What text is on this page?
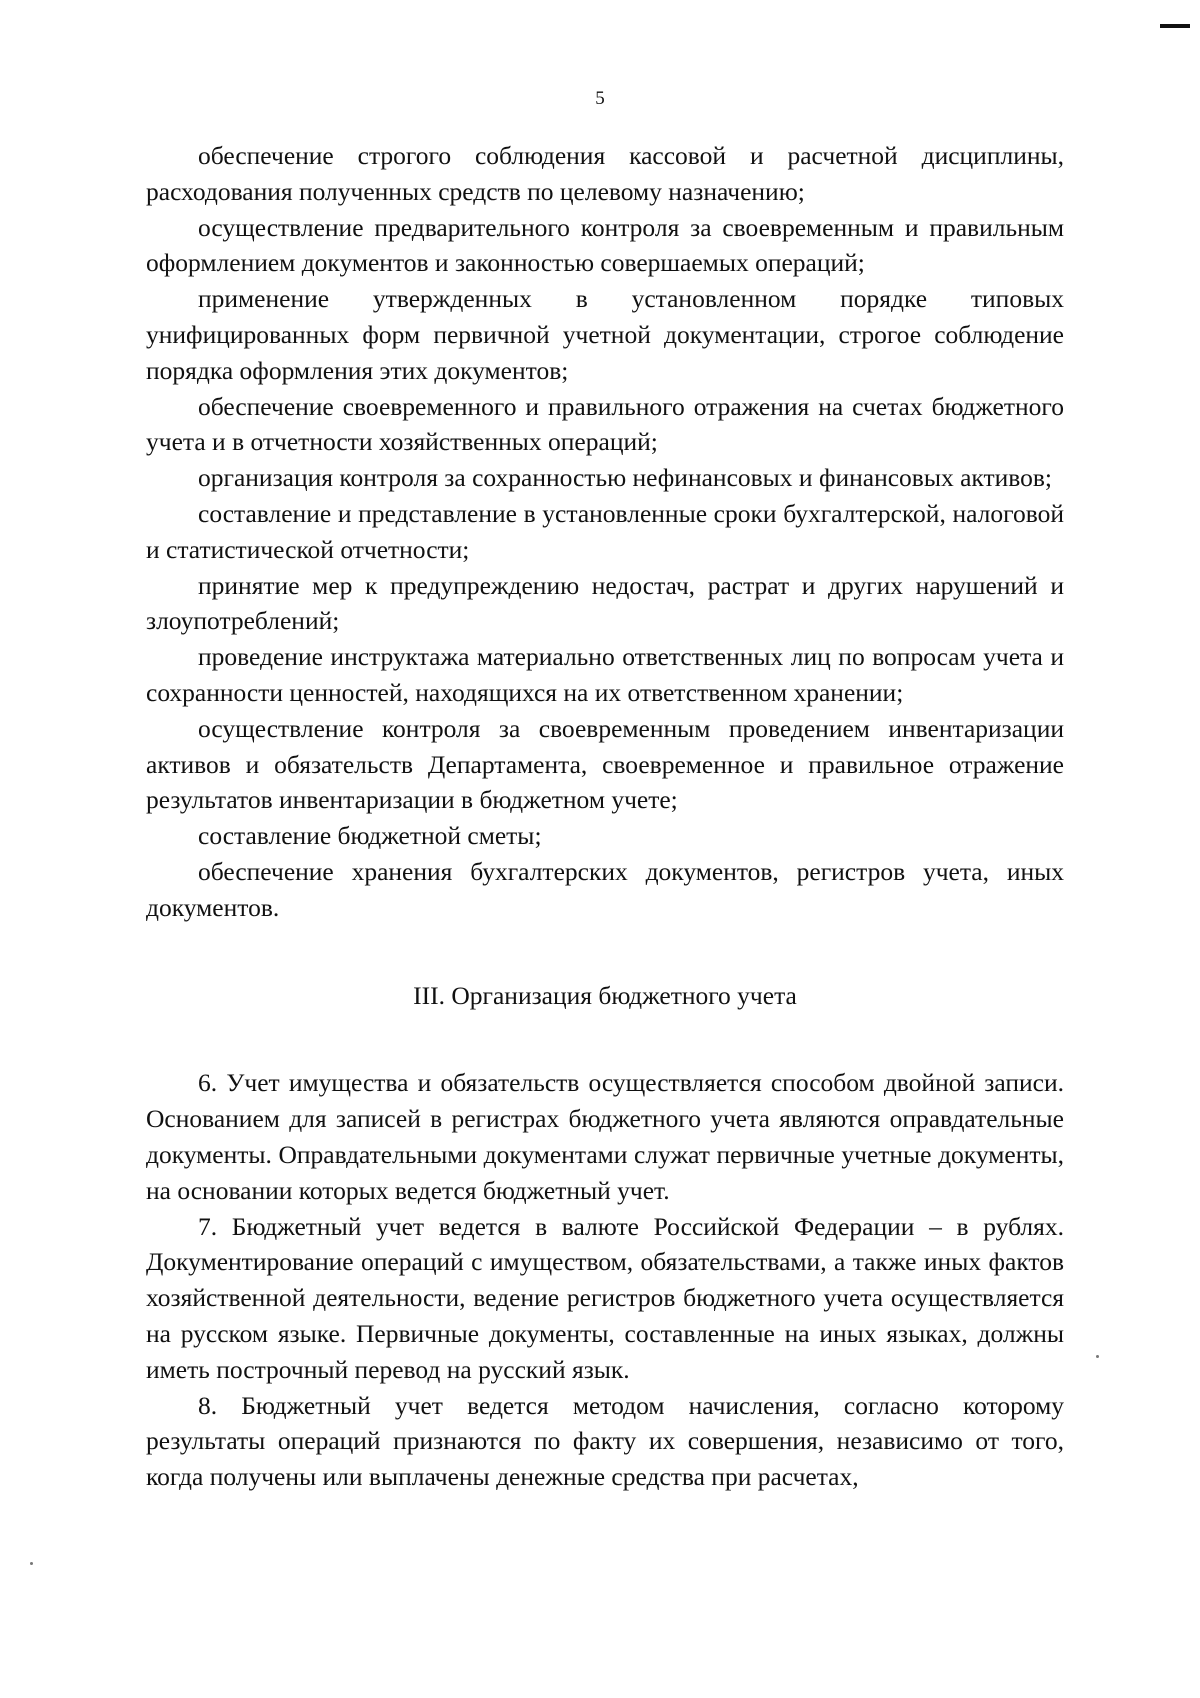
5

обеспечение строгого соблюдения кассовой и расчетной дисциплины, расходования полученных средств по целевому назначению;

осуществление предварительного контроля за своевременным и правильным оформлением документов и законностью совершаемых операций;

применение утвержденных в установленном порядке типовых унифицированных форм первичной учетной документации, строгое соблюдение порядка оформления этих документов;

обеспечение своевременного и правильного отражения на счетах бюджетного учета и в отчетности хозяйственных операций;

организация контроля за сохранностью нефинансовых и финансовых активов;

составление и представление в установленные сроки бухгалтерской, налоговой и статистической отчетности;

принятие мер к предупреждению недостач, растрат и других нарушений и злоупотреблений;

проведение инструктажа материально ответственных лиц по вопросам учета и сохранности ценностей, находящихся на их ответственном хранении;

осуществление контроля за своевременным проведением инвентаризации активов и обязательств Департамента, своевременное и правильное отражение результатов инвентаризации в бюджетном учете;

составление бюджетной сметы;

обеспечение хранения бухгалтерских документов, регистров учета, иных документов.

III. Организация бюджетного учета

6. Учет имущества и обязательств осуществляется способом двойной записи. Основанием для записей в регистрах бюджетного учета являются оправдательные документы. Оправдательными документами служат первичные учетные документы, на основании которых ведется бюджетный учет.

7. Бюджетный учет ведется в валюте Российской Федерации – в рублях. Документирование операций с имуществом, обязательствами, а также иных фактов хозяйственной деятельности, ведение регистров бюджетного учета осуществляется на русском языке. Первичные документы, составленные на иных языках, должны иметь построчный перевод на русский язык.

8. Бюджетный учет ведется методом начисления, согласно которому результаты операций признаются по факту их совершения, независимо от того, когда получены или выплачены денежные средства при расчетах,
